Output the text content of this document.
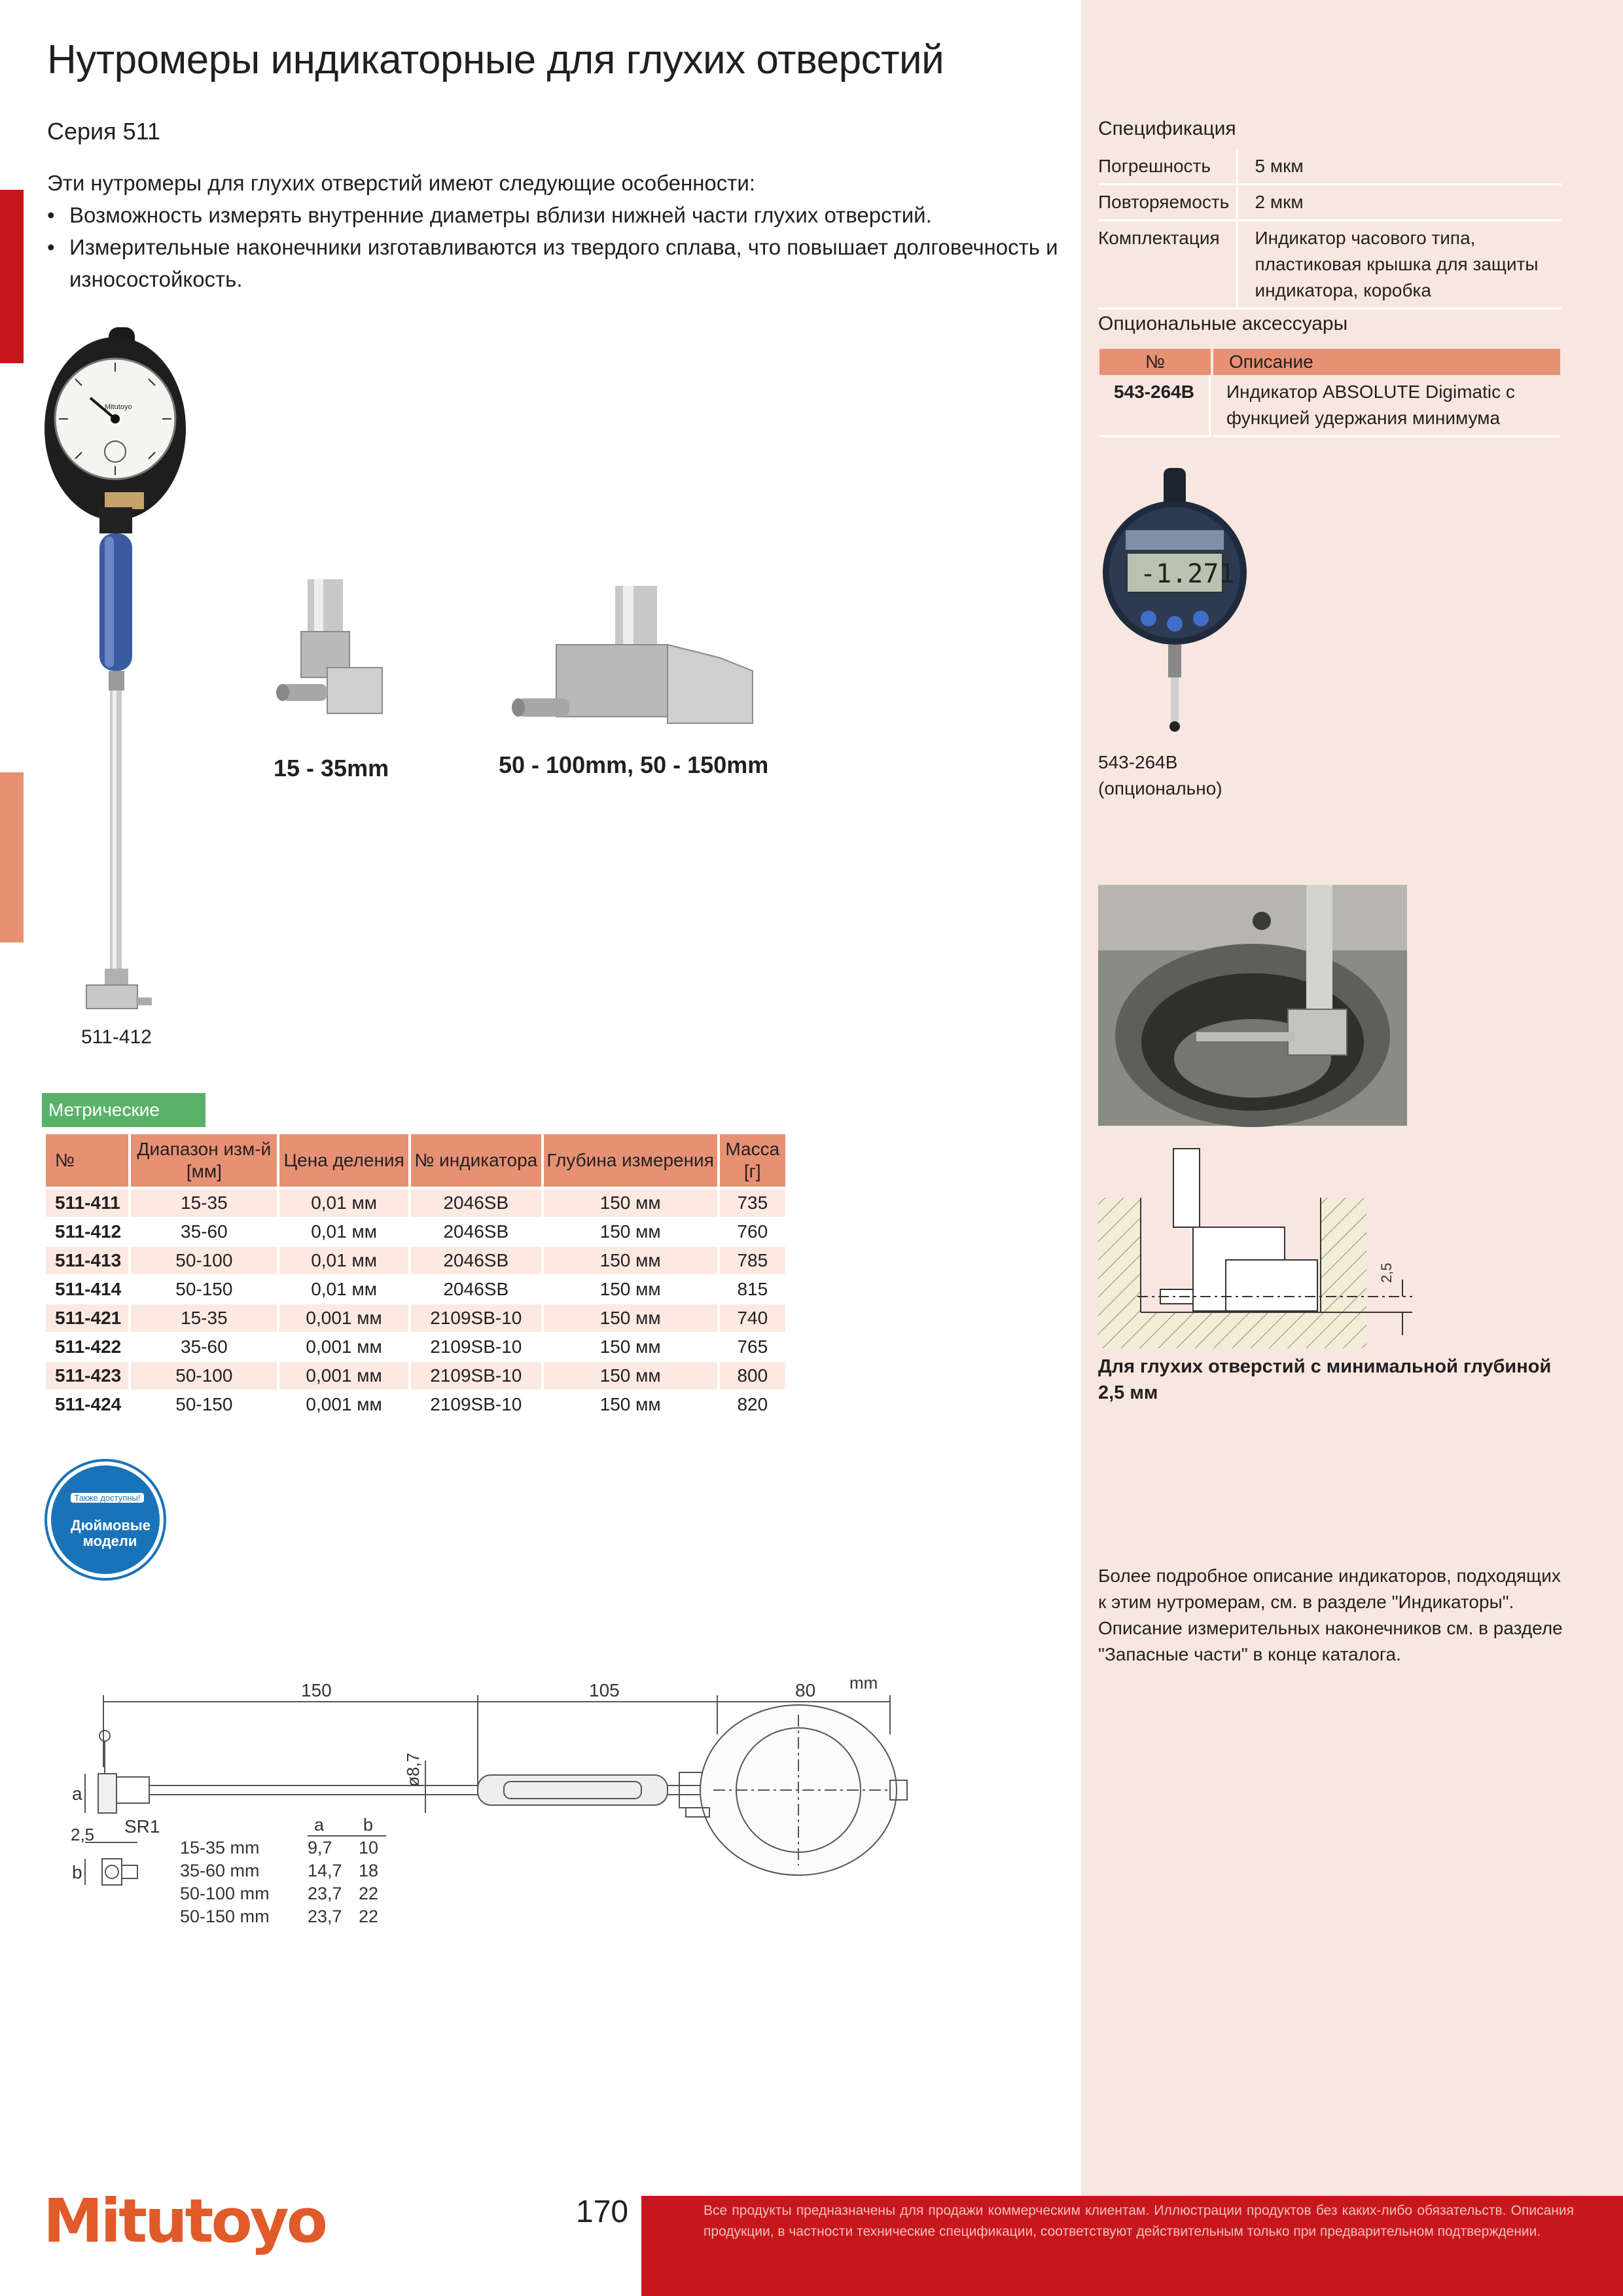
Нутромеры индикаторные для глухих отверстий
Серия 511
Эти нутромеры для глухих отверстий имеют следующие особенности:
• Возможность измерять внутренние диаметры вблизи нижней части глухих отверстий.
• Измерительные наконечники изготавливаются из твердого сплава, что повышает долговечность и износостойкость.
Mitutoyo
511-412
15 - 35mm	50 - 100mm, 50 - 150mm
Метрические
№	Диапазон изм-й [мм]	Цена деления	№ индикатора	Глубина измерения	Масса [г]
511-411	15-35	0,01 мм	2046SB	150 мм	735
511-412	35-60	0,01 мм	2046SB	150 мм	760
511-413	50-100	0,01 мм	2046SB	150 мм	785
511-414	50-150	0,01 мм	2046SB	150 мм	815
511-421	15-35	0,001 мм	2109SB-10	150 мм	740
511-422	35-60	0,001 мм	2109SB-10	150 мм	765
511-423	50-100	0,001 мм	2109SB-10	150 мм	800
511-424	50-150	0,001 мм	2109SB-10	150 мм	820
Также доступны!
Дюймовые
модели
150	105	80 mm
ø8,7
a
2,5 SR1
b
a b
15-35 mm	9,7 10
35-60 mm	14,7 18
50-100 mm 23,7 22
50-150 mm 23,7 22
Спецификация
Погрешность	5 мкм
Повторяемость	2 мкм
Комплектация	Индикатор часового типа, пластиковая крышка для защиты индикатора, коробка
Опциональные аксессуары
№	Описание
543-264B	Индикатор ABSOLUTE Digimatic с функцией удержания минимума
-1.271
543-264B
(опционально)
2,5
Для глухих отверстий с минимальной глубиной 2,5 мм
Более подробное описание индикаторов, подходящих к этим нутромерам, см. в разделе "Индикаторы". Описание измерительных наконечников см. в разделе "Запасные части" в конце каталога.
Mitutoyo	170	Все продукты предназначены для продажи коммерческим клиентам. Иллюстрации продуктов без каких-либо обязательств. Описания продукции, в частности технические спецификации, соответствуют действительным только при предварительном подтверждении.
